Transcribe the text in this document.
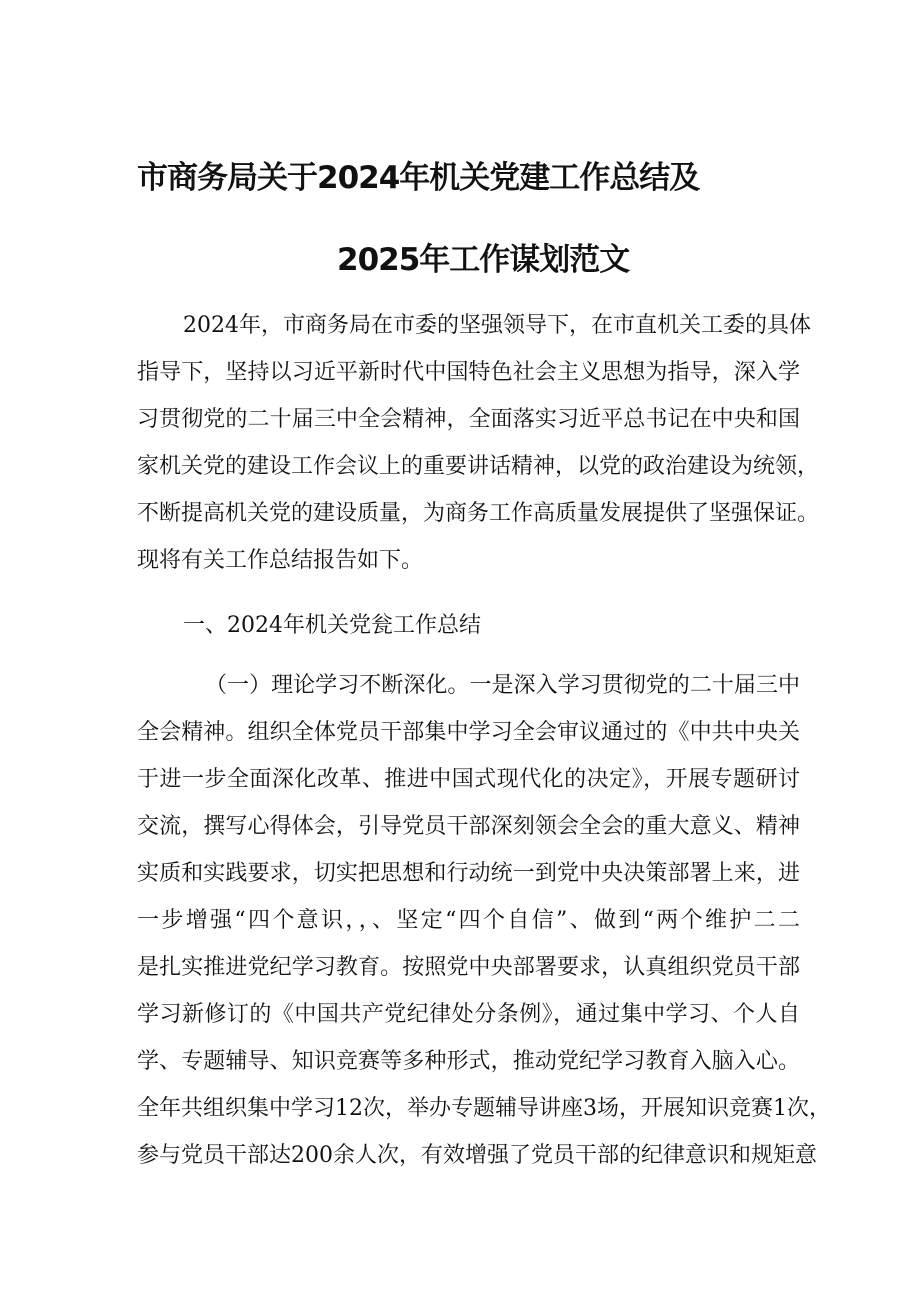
市商务局关于2024年机关党建工作总结及
2025年工作谋划范文
2024年，市商务局在市委的坚强领导下，在市直机关工委的具体
指导下，坚持以习近平新时代中国特色社会主义思想为指导，深入学
习贯彻党的二十届三中全会精神，全面落实习近平总书记在中央和国
家机关党的建设工作会议上的重要讲话精神，以党的政治建设为统领，
不断提高机关党的建设质量，为商务工作高质量发展提供了坚强保证。
现将有关工作总结报告如下。
一、2024年机关党瓮工作总结
（一）理论学习不断深化。一是深入学习贯彻党的二十届三中
全会精神。组织全体党员干部集中学习全会审议通过的《中共中央关
于进一步全面深化改革、推进中国式现代化的决定》，开展专题研讨
交流，撰写心得体会，引导党员干部深刻领会全会的重大意义、精神
实质和实践要求，切实把思想和行动统一到党中央决策部署上来，进
一步增强“四个意识，，、坚定“四个自信”、做到“两个维护二二
是扎实推进党纪学习教育。按照党中央部署要求，认真组织党员干部
学习新修订的《中国共产党纪律处分条例》，通过集中学习、个人自
学、专题辅导、知识竞赛等多种形式，推动党纪学习教育入脑入心。
全年共组织集中学习12次，举办专题辅导讲座3场，开展知识竞赛1次，
参与党员干部达200余人次，有效增强了党员干部的纪律意识和规矩意
